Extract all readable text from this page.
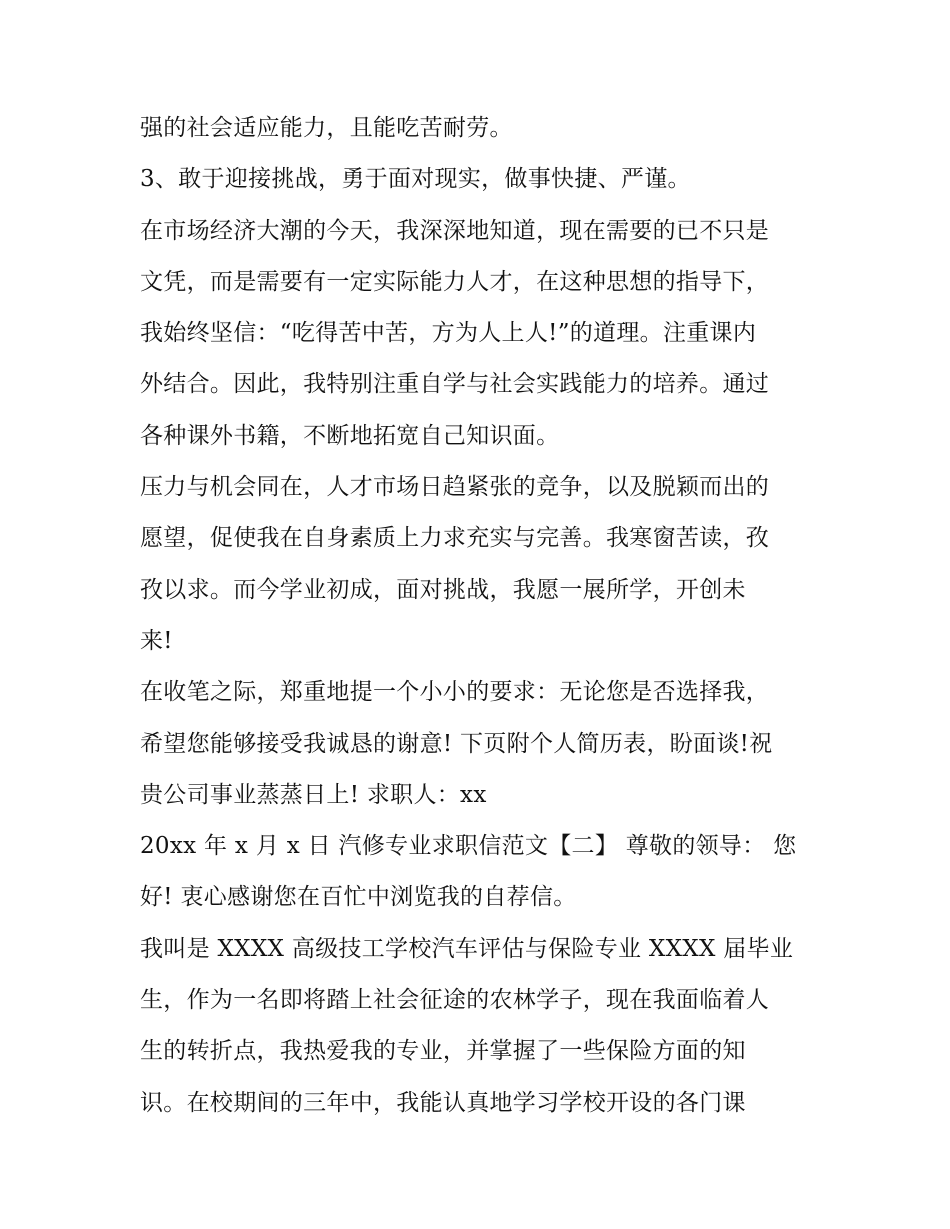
强的社会适应能力，且能吃苦耐劳。
3、敢于迎接挑战，勇于面对现实，做事快捷、严谨。
在市场经济大潮的今天，我深深地知道，现在需要的已不只是
文凭，而是需要有一定实际能力人才，在这种思想的指导下，
我始终坚信：“吃得苦中苦，方为人上人!”的道理。注重课内
外结合。因此，我特别注重自学与社会实践能力的培养。通过
各种课外书籍，不断地拓宽自己知识面。
压力与机会同在，人才市场日趋紧张的竞争，以及脱颖而出的
愿望，促使我在自身素质上力求充实与完善。我寒窗苦读，孜
孜以求。而今学业初成，面对挑战，我愿一展所学，开创未
来!
在收笔之际，郑重地提一个小小的要求：无论您是否选择我，
希望您能够接受我诚恳的谢意! 下页附个人简历表，盼面谈!祝
贵公司事业蒸蒸日上! 求职人：xx
20xx 年 x 月 x 日 汽修专业求职信范文【二】 尊敬的领导： 您
好! 衷心感谢您在百忙中浏览我的自荐信。
我叫是 XXXX 高级技工学校汽车评估与保险专业 XXXX 届毕业
生，作为一名即将踏上社会征途的农林学子，现在我面临着人
生的转折点，我热爱我的专业，并掌握了一些保险方面的知
识。在校期间的三年中，我能认真地学习学校开设的各门课
